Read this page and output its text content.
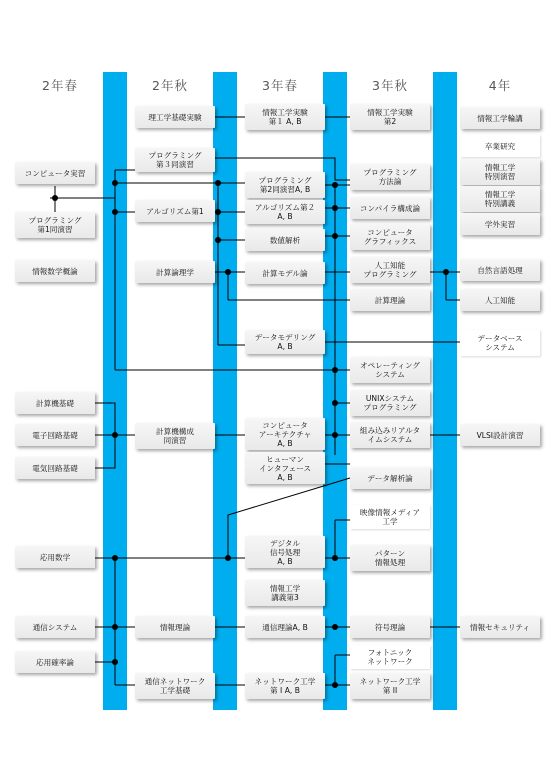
2年春	2年秋	3年春	3年秋	4年
コンピュータ実習
プログラミング
第1同演習
情報数学概論
計算機基礎
電子回路基礎
電気回路基礎
応用数学
通信システム
応用確率論
理工学基礎実験
プログラミング
第３同演習
アルゴリズム第1
計算論理学
計算機構成
同演習
情報理論
通信ネットワーク
工学基礎
情報工学実験
第１ A, B
プログラミング
第2同演習A, B
アルゴリズム第２
A, B
数値解析
計算モデル論
データモデリング
A, B
コンピュータ
アーキテクチャ
A, B
ヒューマン
インタフェース
A, B
デジタル
信号処理
A, B
情報工学
講義第3
通信理論A, B
ネットワーク工学
第 I A, B
情報工学実験
第2
プログラミング
方法論
コンパイラ構成論
コンピュータ
グラフィックス
人工知能
プログラミング
計算理論
オペレーティング
システム
UNIXシステム
プログラミング
組み込みリアルタ
イムシステム
データ解析論
映像情報メディア
工学
パターン
情報処理
符号理論
フォトニック
ネットワーク
ネットワーク工学
第 II
情報工学輪講
卒業研究
情報工学
特別演習
情報工学
特別講義
学外実習
自然言語処理
人工知能
データベース
システム
VLSI設計演習
情報セキュリティ
